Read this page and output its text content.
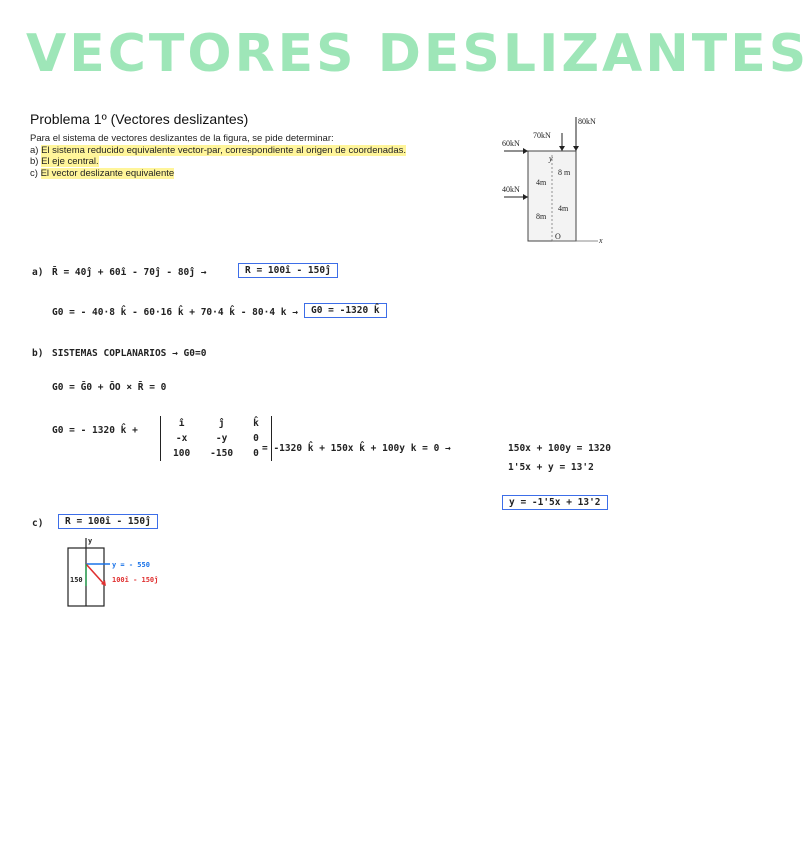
VECTORES DESLIZANTES
Problema 1º (Vectores deslizantes)
Para el sistema de vectores deslizantes de la figura, se pide determinar:
a) El sistema reducido equivalente vector-par, correspondiente al origen de coordenadas.
b) El eje central.
c) El vector deslizante equivalente
80kN
70kN
60kN
40kN
y
x
O
8 m
4m
8m
4m
a) R̄ = 40ĵ + 60î - 70ĵ - 80ĵ →	R = 100î - 150ĵ
G0 = - 40·8 k̂ - 60·16 k̂ + 70·4 k̂ - 80·4 k →	G0 = -1320 k̂
b) SISTEMAS COPLANARIOS → G0=0
G0 = Ḡ0 + ŌO × R̄ = 0
G0 = - 1320 k̂ +
î	ĵ	k̂
-x	-y	0
100	-150	0 = -1320 k̂ + 150x k̂ + 100y k = 0 →	150x + 100y = 1320
1'5x + y = 13'2
y = -1'5x + 13'2
c)	R = 100î - 150ĵ
y
150
y = - 550
100î - 150ĵ
